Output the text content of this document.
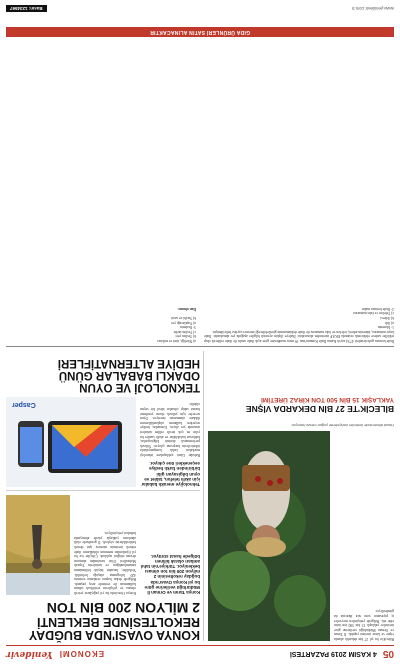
05
4 KASIM 2019 PAZARTESİ
EKONOMİ
Yenidevir
KONYA OVASI'NDA BUĞDAY
REKOLTESİNDE BEKLENTİ
2 MİLYON 200 BİN TON
Konya Tarım ve Orman İl Müdürlüğü verilerine göre bu yıl Konya Ovası'nda buğday rekoltesinin 2 milyon 200 bin ton olması bekleniyor. Türkiye'nin tahıl ambarı olarak bilinen bölgede hasat sürüyor.
Konya Ovası'nda bu yıl yağışların yeterli olması ve çiftçilerin sertifikalı tohum kullanması ile verimde artış yaşandı. Bölgede dekar başına ortalama verimin 420 kilograma ulaştığı belirtildi. Yetkililer, hasadın büyük bölümünün tamamlandığını ve ürünlerin Toprak Mahsulleri Ofisi tarafından alımının devam ettiğini açıkladı. Çiftçiler ise bu yıl fiyatlardan memnun olduklarını ifade ederek üretimin sürmesi için destek beklediklerini söyledi. İl genelinde ekili alanların yaklaşık yüzde altmışında hububat yetiştiriliyor.
Teknolojiye meraklı babalar için akıllı telefon, tablet ve oyun bilgisayarı gibi birbirinden farklı hediye seçenekleri öne çıkıyor.
Babalar Günü yaklaşırken teknoloji markaları farklı kampanyalarla tüketicilerin karşısına çıkıyor. Yüksek performanslı dizüstü bilgisayarlar, kablosuz kulaklıklar ve akıllı saatler bu yılın en çok tercih edilen ürünleri arasında yer alıyor. Uzmanlar, hediye seçerken kullanım alışkanlıklarının dikkate alınmasını öneriyor. Oyun severler için yüksek ekran yenileme hızına sahip cihazlar ideal bir seçim olabilir.
Casper
TEKNOLOJİ VE OYUN
ODAKLI BABALAR GÜNÜ
HEDİYE ALTERNATİFLERİ
Bilecik'te bu yıl 27 bin dekarlık alanda vişne ve kiraz üretimi yapıldı. İl Tarım ve Orman Müdürlüğü verilerine göre üreticiler yaklaşık 15 bin 500 ton ürün elde etti. Bölgede yetiştirilen meyveler iç piyasanın yanı sıra ihracata da gönderiliyor.
Hasat döneminde üreticiler bahçelerde yoğun mesai harcıyor.
BİLECİK'TE 27 BİN DEKARDA VİŞNE
YAKLAŞIK 15 BİN 500 TON KİRAZ ÜRETİMİ
İhale konusu gıda ürünleri 4734 sayılı Kamu İhale Kanunu'nun 19 uncu maddesine göre açık ihale usulü ile ihale edilecek olup teklifler sadece elektronik ortamda EKAP üzerinden alınacaktır. İhaleye ilişkin ayrıntılı bilgiler aşağıda yer almaktadır. İhale kayıt numarası, idarenin adresi, telefon ve faks numarası ile ihale dokümanının görülebileceği internet sayfası belirtilmiştir.
1- İdarenin
a) Adı
b) Adresi
c) Telefon ve faks numarası
2- İhale konusu malın
a) Niteliği, türü ve miktarı
b) Teslim yeri
c) Teslim tarihi
3- İhalenin
a) Yapılacağı yer
b) Tarihi ve saati
İlan olunur.
GIDA ÜRÜNLERİ SATIN ALINACAKTIR
www.yenidevir.com.tr
Basın: 1234567
